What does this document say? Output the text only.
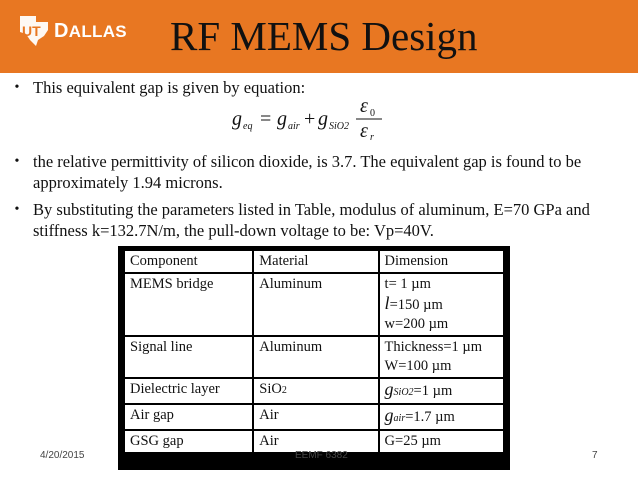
UT DALLAS RF MEMS Design
• This equivalent gap is given by equation:
• the relative permittivity of silicon dioxide, is 3.7. The equivalent gap is found to be approximately 1.94 microns.
• By substituting the parameters listed in Table, modulus of aluminum, E=70 GPa and stiffness k=132.7N/m, the pull-down voltage to be: Vp=40V.
g eq = g air + g SiO2
ε 0
ε r
Component	Material	Dimension
MEMS bridge	Aluminum	t= 1 µm
l=150 µm
w=200 µm

Signal line	Aluminum	Thickness=1 µm
W=100 µm

Dielectric layer	SiO2	gSiO2=1 µm
Air gap	Air	gair=1.7 µm
GSG gap	Air	G=25 µm
4/20/2015	EEMF 6382	7
